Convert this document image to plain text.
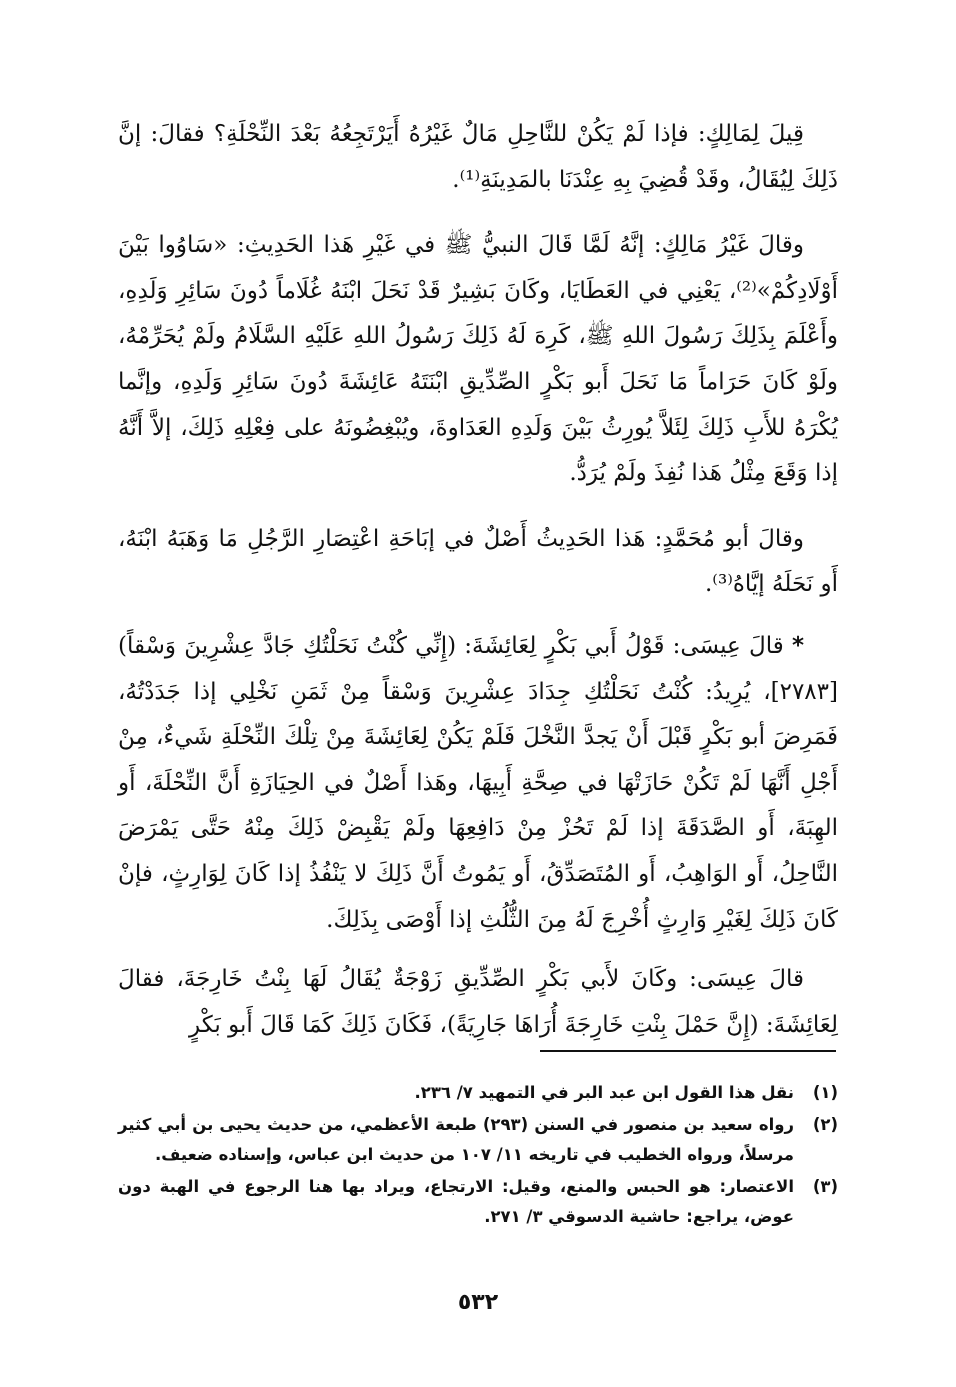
قِيلَ لِمَالِكٍ: فإذا لَمْ يَكُنْ للنَّاحِلِ مَالٌ غَيْرُهُ أَيَرْتَجِعُهُ بَعْدَ النِّحْلَةِ؟ فقالَ: إنَّ ذَلِكَ لِيُقَالُ، وقَدْ قُضِيَ بِهِ عِنْدَنَا بالمَدِينَةِ⁽¹⁾.

وقالَ غَيْرُ مَالِكٍ: إنَّهُ لَمَّا قَالَ النبيُّ ﷺ في غَيْرِ هَذا الحَدِيثِ: «سَاوُوا بَيْنَ أَوْلَادِكُمْ»⁽²⁾، يَعْنِي في العَطَايَا، وكَانَ بَشِيرٌ قَدْ نَحَلَ ابْنَهُ غُلَاماً دُونَ سَائِرِ وَلَدِهِ، وأَعْلَمَ بِذَلِكَ رَسُولَ اللهِ ﷺ، كَرِهَ لَهُ ذَلِكَ رَسُولُ اللهِ عَلَيْهِ السَّلَامُ ولَمْ يُحَرِّمْهُ، ولَوْ كَانَ حَرَاماً مَا نَحَلَ أَبو بَكْرٍ الصِّدِّيقِ ابْنَتَهُ عَائِشَةَ دُونَ سَائِرِ وَلَدِهِ، وإنَّما يُكْرَهُ للأَبِ ذَلِكَ لِئَلاَّ يُورِثُ بَيْنَ وَلَدِهِ العَدَاوةَ، ويُبْغِضُونَهُ على فِعْلِهِ ذَلِكَ، إلاَّ أَنَّهُ إذا وَقَعَ مِثْلُ هَذا نُفِذَ ولَمْ يُرَدُّ.

وقالَ أبو مُحَمَّدٍ: هَذا الحَدِيثُ أَصْلٌ في إبَاحَةِ اعْتِصَارِ الرَّجُلِ مَا وَهَبَهُ ابْنَهُ، أَو نَحَلَهُ إيَّاهُ⁽³⁾.

* قالَ عِيسَى: قَوْلُ أَبي بَكْرٍ لِعَائِشَةَ: (إِنِّي كُنْتُ نَحَلْتُكِ جَادَّ عِشْرِينَ وَسْقاً)[٢٧٨٣]، يُرِيدُ: كُنْتُ نَحَلْتُكِ جِدَادَ عِشْرِينَ وَسْقاً مِنْ ثَمَنِ نَخْلِي إذا جَدَدْتُهُ، فَمَرِضَ أبو بَكْرٍ قَبْلَ أَنْ يَجدَّ النَّخْلَ فَلَمْ يَكُنْ لِعَائِشَةَ مِنْ تِلْكَ النِّحْلَةِ شَيءٌ، مِنْ أَجْلِ أَنَّهَا لَمْ تَكُنْ حَازَتْهَا في صِحَّةِ أَبِيهَا، وهَذا أَصْلٌ في الحِيَازَةِ أَنَّ النِّحْلَةَ، أَو الهِبَةَ، أَو الصَّدَقَةَ إذا لَمْ تَحُزْ مِنْ دَافِعِهَا ولَمْ يَقْبِضْ ذَلِكَ مِنْهُ حَتَّى يَمْرَضَ النَّاحِلُ، أَو الوَاهِبُ، أَو المُتَصَدِّقُ، أَو يَمُوتُ أَنَّ ذَلِكَ لا يَنْفُذُ إذا كَانَ لِوَارِثٍ، فإنْ كَانَ ذَلِكَ لِغَيْرِ وَارِثٍ أُخْرِجَ لَهُ مِنَ الثُّلُثِ إذا أَوْصَى بِذَلِكَ.

قالَ عِيسَى: وكَانَ لأَبي بَكْرٍ الصِّدِّيقِ زَوْجَةٌ يُقَالُ لَهَا بِنْتُ خَارِجَةَ، فقالَ لِعَائِشَةَ: (إِنَّ حَمْلَ بِنْتِ خَارِجَةَ أُرَاهَا جَارِيَةً)، فَكَانَ ذَلِكَ كَمَا قَالَ أَبو بَكْرٍ

(١)
نقل هذا القول ابن عبد البر في التمهيد ٧/ ٢٣٦.
(٢)
رواه سعيد بن منصور في السنن (٢٩٣) طبعة الأعظمي، من حديث يحيى بن أبي كثير مرسلاً، ورواه الخطيب في تاريخه ١١/ ١٠٧ من حديث ابن عباس، وإسناده ضعيف.
(٣)
الاعتصار: هو الحبس والمنع، وقيل: الارتجاع، ويراد بها هنا الرجوع في الهبة دون عوض، يراجع: حاشية الدسوقي ٣/ ٢٧١.
٥٣٢
